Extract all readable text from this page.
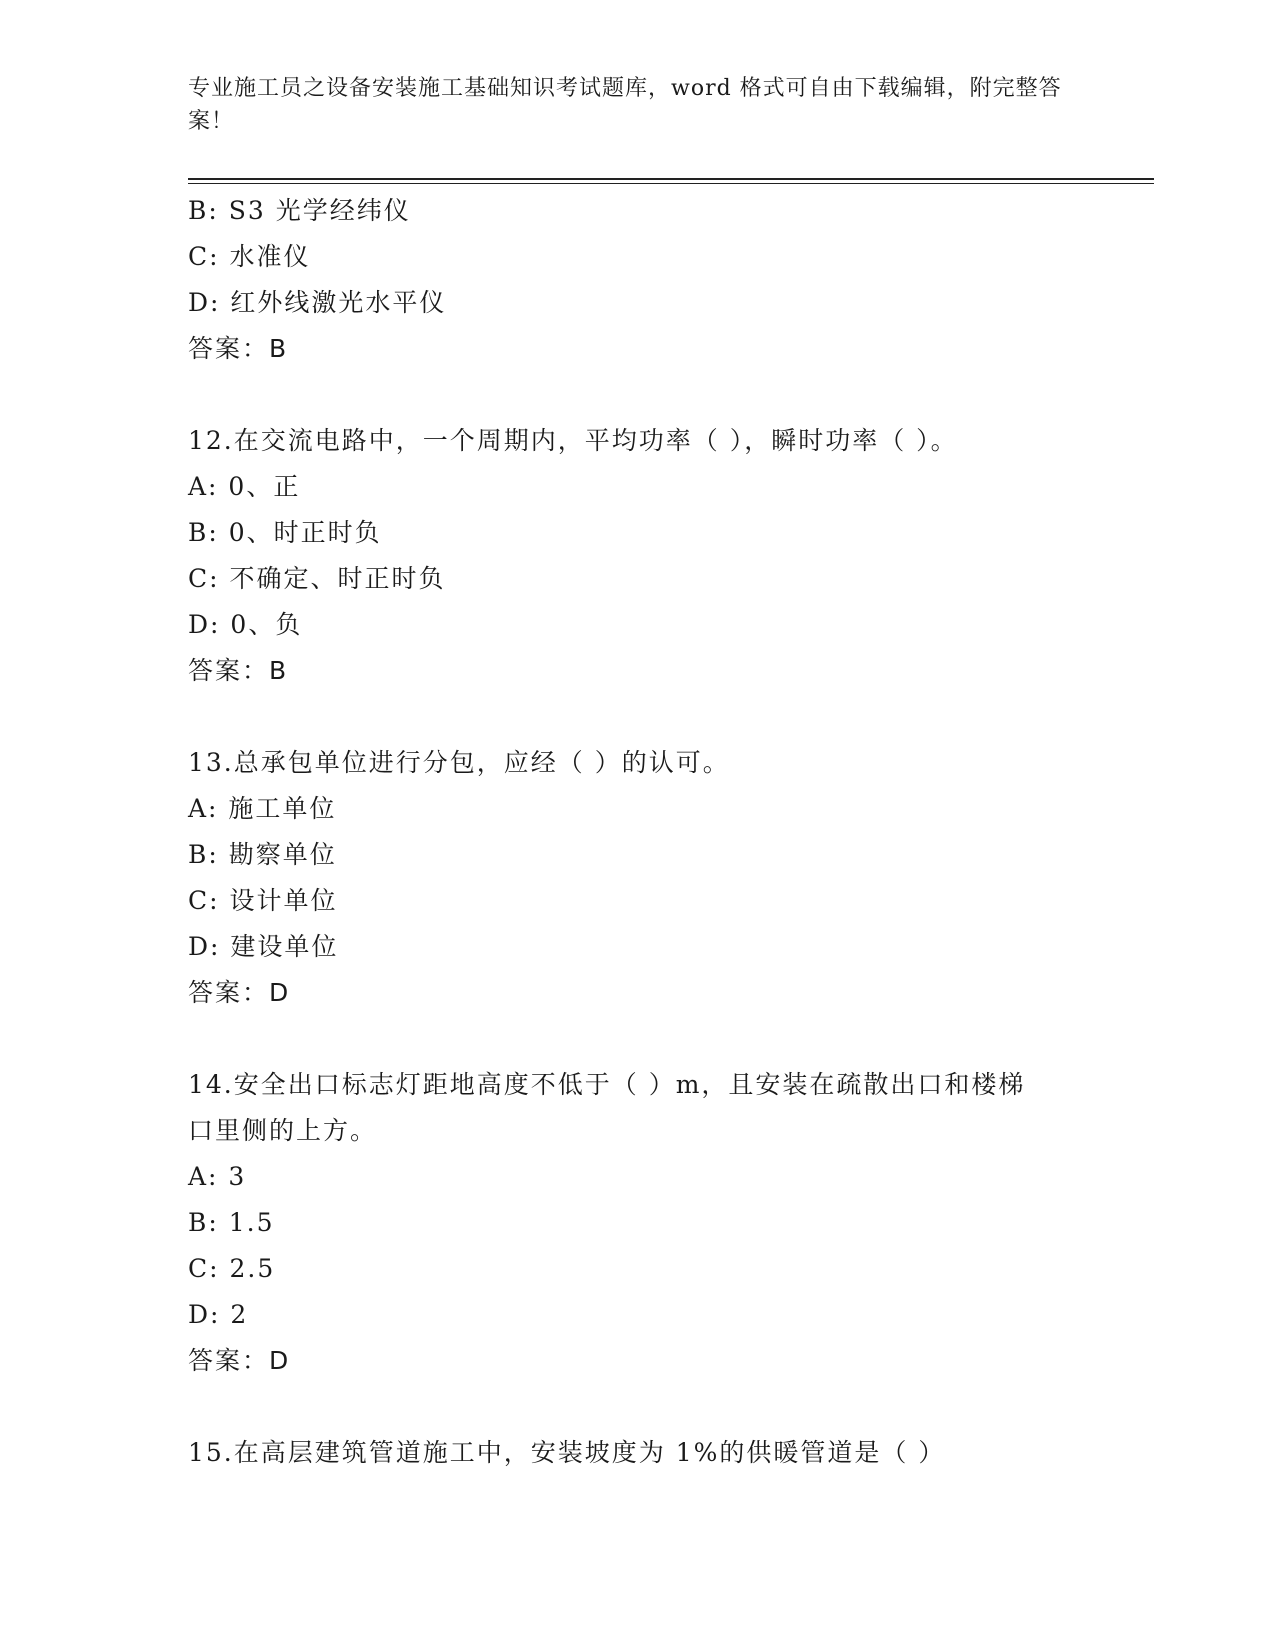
专业施工员之设备安装施工基础知识考试题库，word 格式可自由下载编辑，附完整答案！
B: S3 光学经纬仪
C: 水准仪
D: 红外线激光水平仪
答案：B
12.在交流电路中，一个周期内，平均功率（ ），瞬时功率（ ）。
A: 0、正
B: 0、时正时负
C: 不确定、时正时负
D: 0、负
答案：B
13.总承包单位进行分包，应经（ ）的认可。
A: 施工单位
B: 勘察单位
C: 设计单位
D: 建设单位
答案：D
14.安全出口标志灯距地高度不低于（ ）m，且安装在疏散出口和楼梯口里侧的上方。
A: 3
B: 1.5
C: 2.5
D: 2
答案：D
15.在高层建筑管道施工中，安装坡度为 1%的供暖管道是（ ）
